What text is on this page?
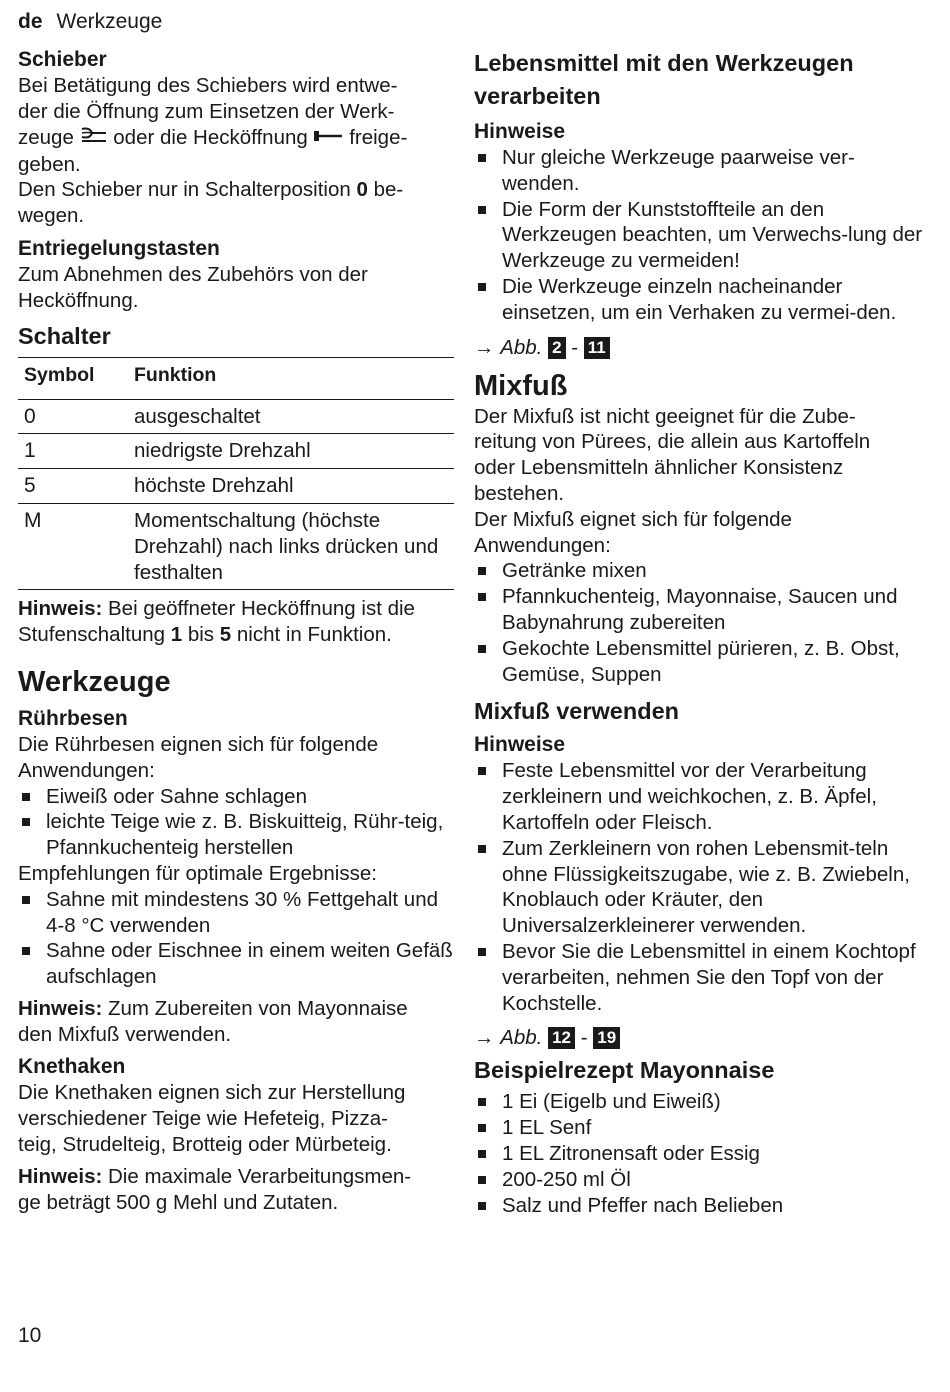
de Werkzeuge

Schieber

Bei Betätigung des Schiebers wird entwe-

der die Öffnung zum Einsetzen der Werk-

zeuge oder die Hecköffnung freige-

geben.

Den Schieber nur in Schalterposition 0 be-

wegen.

Entriegelungstasten

Zum Abnehmen des Zubehörs von der

Hecköffnung.

Schalter

Symbol	Funktion
0	ausgeschaltet
1	niedrigste Drehzahl
5	höchste Drehzahl
M	Momentschaltung (höchste Drehzahl) nach links drücken und festhalten

Hinweis: Bei geöffneter Hecköffnung ist die

Stufenschaltung 1 bis 5 nicht in Funktion.

Werkzeuge

Rührbesen

Die Rührbesen eignen sich für folgende

Anwendungen:

Eiweiß oder Sahne schlagen
leichte Teige wie z. B. Biskuitteig, Rühr-teig, Pfannkuchenteig herstellen

Empfehlungen für optimale Ergebnisse:

Sahne mit mindestens 30 % Fettgehalt und 4-8 °C verwenden
Sahne oder Eischnee in einem weiten Gefäß aufschlagen

Hinweis: Zum Zubereiten von Mayonnaise

den Mixfuß verwenden.

Knethaken

Die Knethaken eignen sich zur Herstellung

verschiedener Teige wie Hefeteig, Pizza-

teig, Strudelteig, Brotteig oder Mürbeteig.

Hinweis: Die maximale Verarbeitungsmen-

ge beträgt 500 g Mehl und Zutaten.

Lebensmittel mit den Werkzeugen

verarbeiten

Hinweise

Nur gleiche Werkzeuge paarweise ver-wenden.
Die Form der Kunststoffteile an den Werkzeugen beachten, um Verwechs-lung der Werkzeuge zu vermeiden!
Die Werkzeuge einzeln nacheinander einsetzen, um ein Verhaken zu vermei-den.

→ Abb. 2 - 11

Mixfuß

Der Mixfuß ist nicht geeignet für die Zube-

reitung von Pürees, die allein aus Kartoffeln

oder Lebensmitteln ähnlicher Konsistenz

bestehen.

Der Mixfuß eignet sich für folgende

Anwendungen:

Getränke mixen
Pfannkuchenteig, Mayonnaise, Saucen und Babynahrung zubereiten
Gekochte Lebensmittel pürieren, z. B. Obst, Gemüse, Suppen

Mixfuß verwenden

Hinweise

Feste Lebensmittel vor der Verarbeitung zerkleinern und weichkochen, z. B. Äpfel, Kartoffeln oder Fleisch.
Zum Zerkleinern von rohen Lebensmit-teln ohne Flüssigkeitszugabe, wie z. B. Zwiebeln, Knoblauch oder Kräuter, den Universalzerkleinerer verwenden.
Bevor Sie die Lebensmittel in einem Kochtopf verarbeiten, nehmen Sie den Topf von der Kochstelle.

→ Abb. 12 - 19

Beispielrezept Mayonnaise

1 Ei (Eigelb und Eiweiß)
1 EL Senf
1 EL Zitronensaft oder Essig
200-250 ml Öl
Salz und Pfeffer nach Belieben
10
